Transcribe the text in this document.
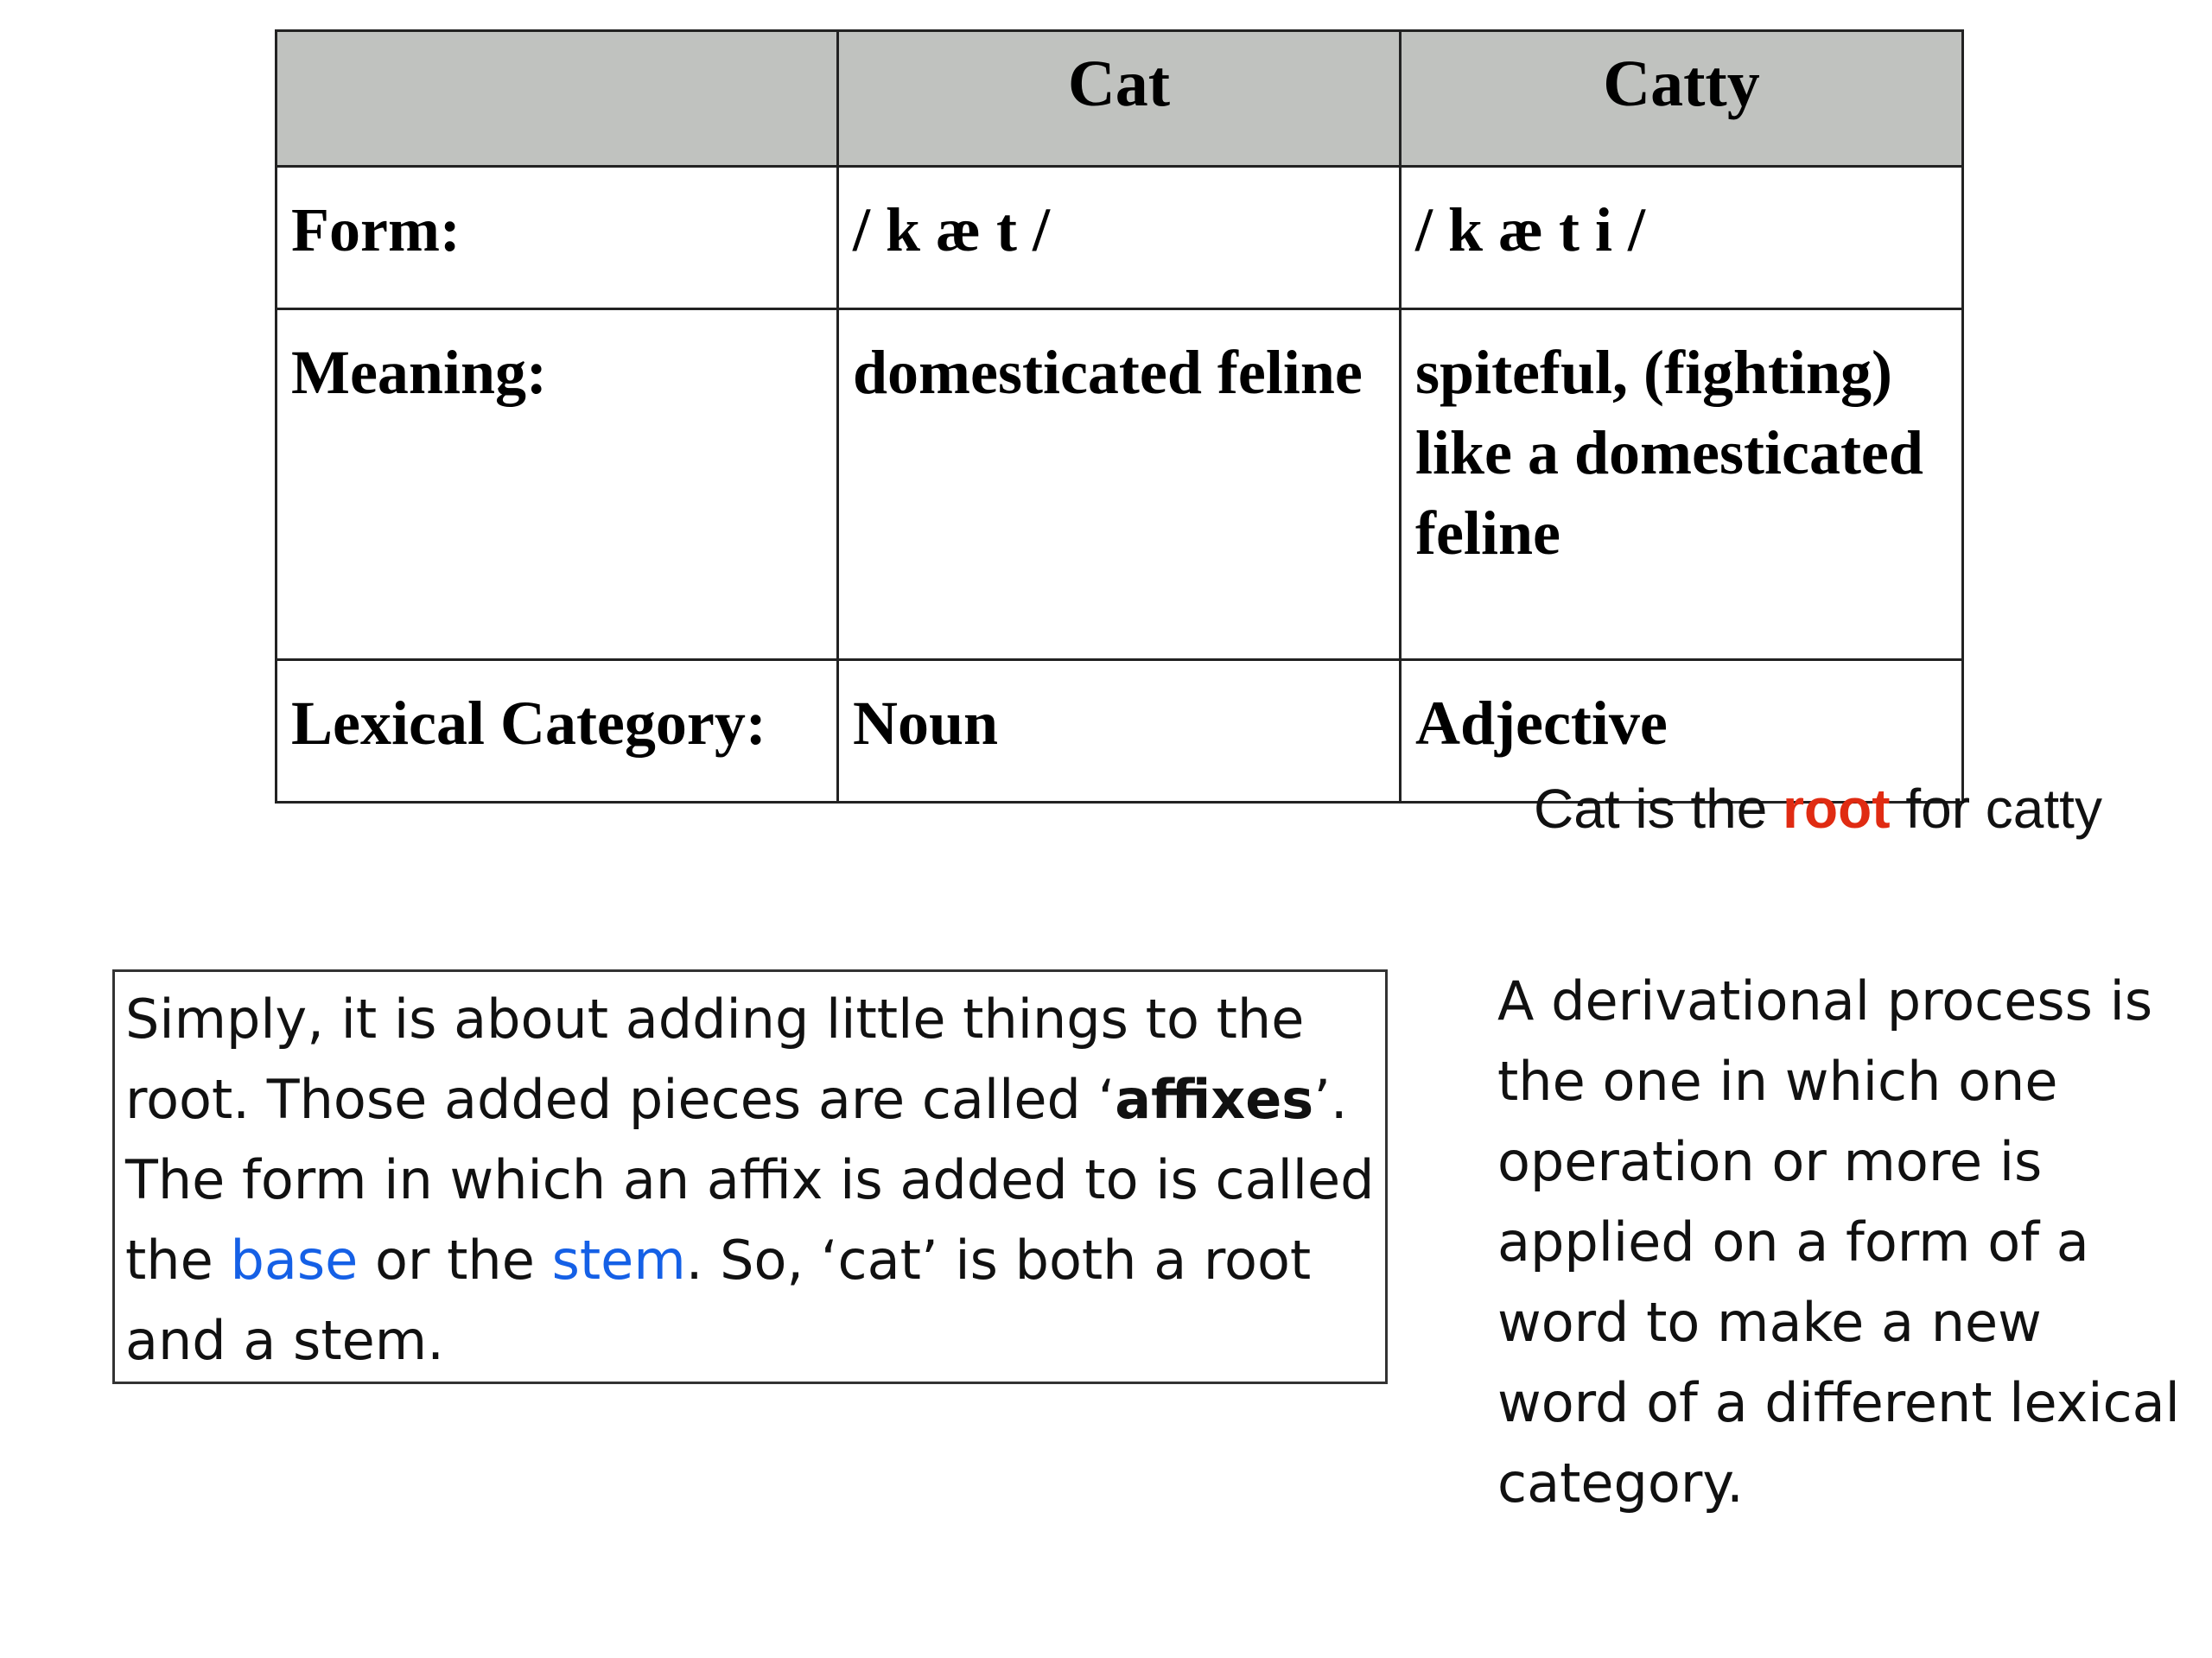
	Cat	Catty
Form:	/ k æ t /	/ k æ t i /
Meaning:	domesticated feline	spiteful, (fighting) like a domesticated feline
Lexical Category:	Noun	Adjective
Cat is the root for catty
Simply, it is about adding little things to the
root. Those added pieces are called ‘affixes’.
The form in which an affix is added to is called
the base or the stem. So, ‘cat’ is both a root
and a stem.
A derivational process is
the one in which one
operation or more is
applied on a form of a
word to make a new
word of a different lexical
category.
